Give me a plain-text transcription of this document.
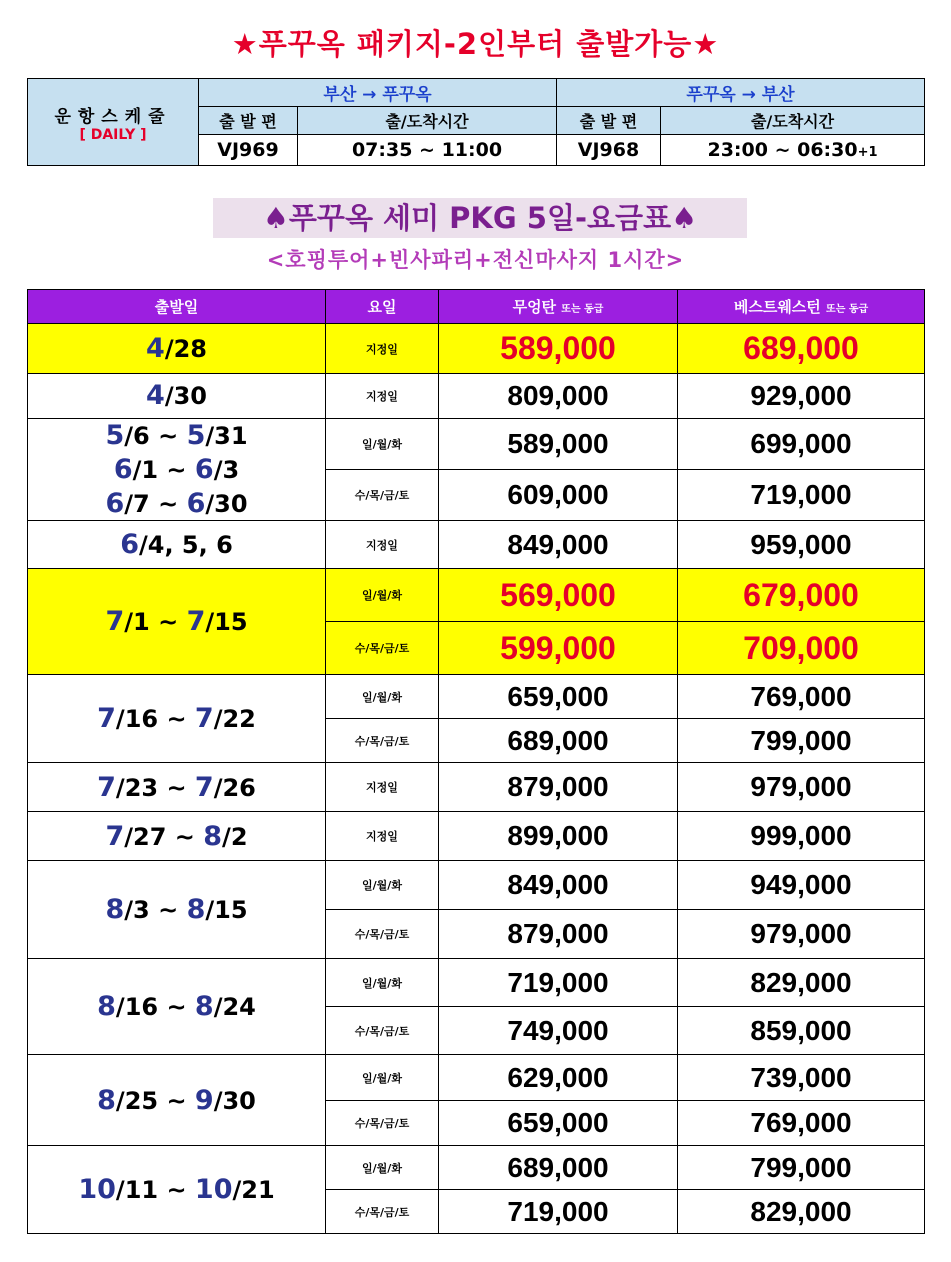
★푸꾸옥 패키지-2인부터 출발가능★
운항스케줄
[ DAILY ]	부산 → 푸꾸옥		푸꾸옥 → 부산	
	출 발 편	출/도착시간	출 발 편	출/도착시간
	VJ969	07:35 ~ 11:00	VJ968	23:00 ~ 06:30+1
♠푸꾸옥 세미 PKG 5일-요금표♠
<호핑투어+빈사파리+전신마사지 1시간>
출발일	요일	무엉탄 또는 동급	베스트웨스턴 또는 동급
4/28	지정일	589,000	689,000
4/30	지정일	809,000	929,000

5/6 ~ 5/31
6/1 ~ 6/3
6/7 ~ 6/30	일/월/화	589,000	699,000
	수/목/금/토	609,000	719,000
6/4, 5, 6	지정일	849,000	959,000
7/1 ~ 7/15	일/월/화	569,000	679,000
	수/목/금/토	599,000	709,000
7/16 ~ 7/22	일/월/화	659,000	769,000
	수/목/금/토	689,000	799,000
7/23 ~ 7/26	지정일	879,000	979,000
7/27 ~ 8/2	지정일	899,000	999,000
8/3 ~ 8/15	일/월/화	849,000	949,000
	수/목/금/토	879,000	979,000
8/16 ~ 8/24	일/월/화	719,000	829,000
	수/목/금/토	749,000	859,000
8/25 ~ 9/30	일/월/화	629,000	739,000
	수/목/금/토	659,000	769,000
10/11 ~ 10/21	일/월/화	689,000	799,000
	수/목/금/토	719,000	829,000
